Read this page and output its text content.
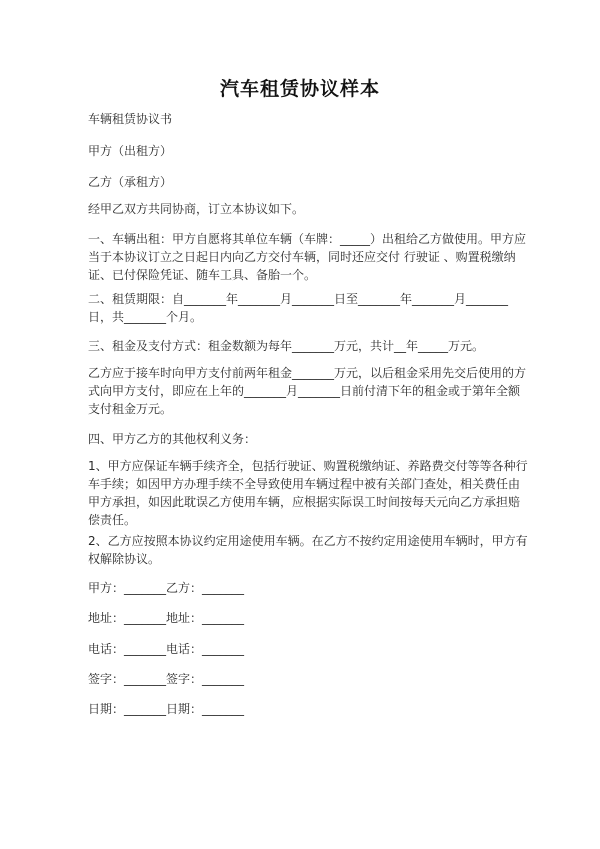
汽车租赁协议样本
车辆租赁协议书
甲方（出租方）
乙方（承租方）
经甲乙双方共同协商，订立本协议如下。
一、车辆出租：甲方自愿将其单位车辆（车牌：_____）出租给乙方做使用。甲方应当于本协议订立之日起日内向乙方交付车辆，同时还应交付 行驶证 、购置税缴纳证、已付保险凭证、随车工具、备胎一个。
二、租赁期限：自_______年_______月_______日至_______年_______月_______日，共_______个月。
三、租金及支付方式：租金数额为每年_______万元，共计__年_____万元。
乙方应于接车时向甲方支付前两年租金_______万元，以后租金采用先交后使用的方式向甲方支付，即应在上年的_______月_______日前付清下年的租金或于第年全额支付租金万元。
四、甲方乙方的其他权利义务：
1、甲方应保证车辆手续齐全，包括行驶证、购置税缴纳证、养路费交付等等各种行车手续；如因甲方办理手续不全导致使用车辆过程中被有关部门查处，相关费任由甲方承担，如因此耽误乙方使用车辆，应根据实际误工时间按每天元向乙方承担赔偿责任。
2、乙方应按照本协议约定用途使用车辆。在乙方不按约定用途使用车辆时，甲方有权解除协议。
甲方：_______乙方：_______
地址：_______地址：_______
电话：_______电话：_______
签字：_______签字：_______
日期：_______日期：_______
